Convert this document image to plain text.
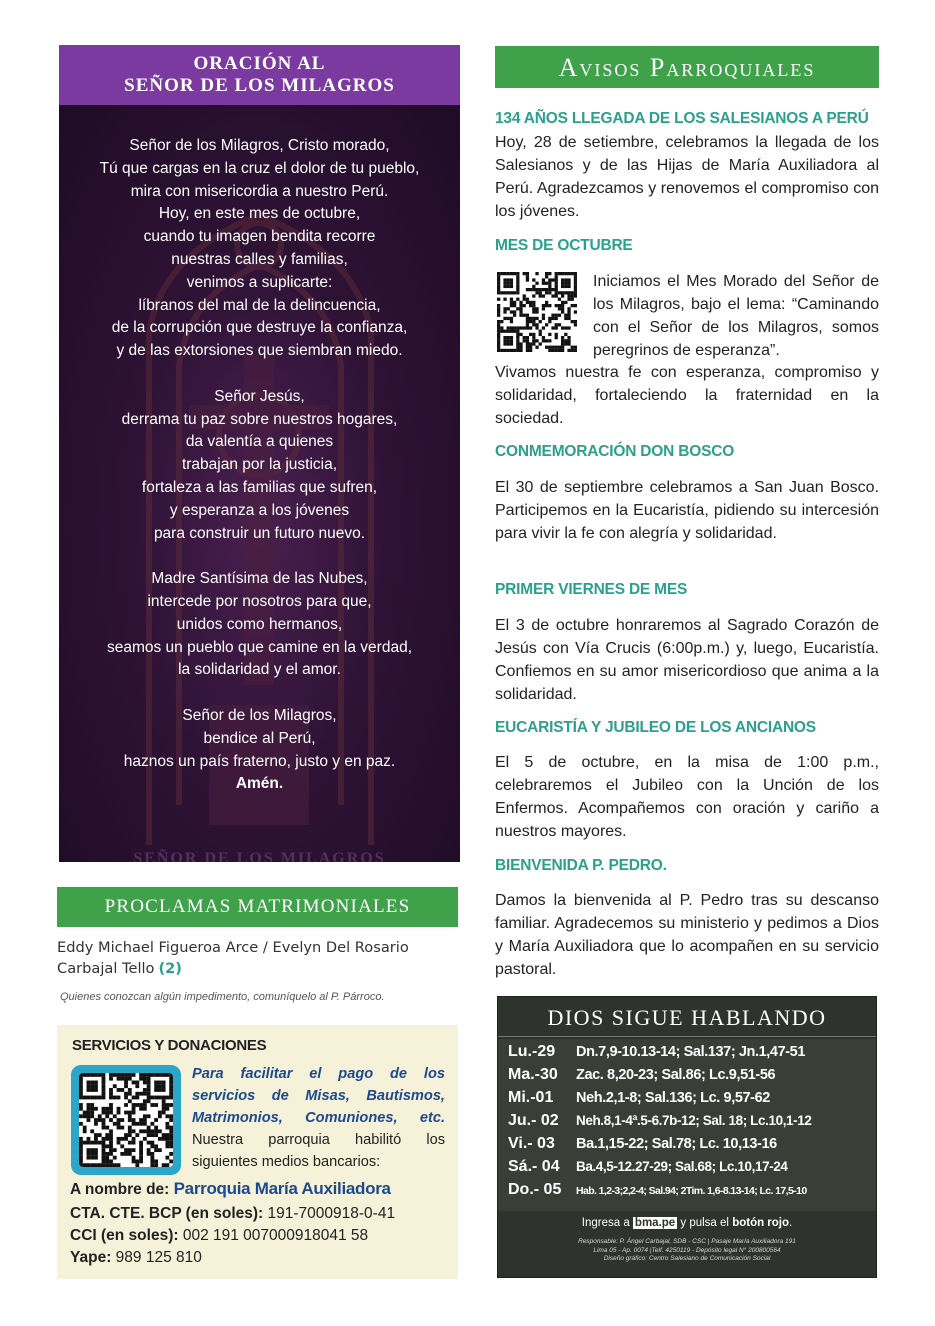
ORACIÓN AL
SEÑOR DE LOS MILAGROS
Señor de los Milagros, Cristo morado,
Tú que cargas en la cruz el dolor de tu pueblo,
mira con misericordia a nuestro Perú.
Hoy, en este mes de octubre,
cuando tu imagen bendita recorre
nuestras calles y familias,
venimos a suplicarte:
líbranos del mal de la delincuencia,
de la corrupción que destruye la confianza,
y de las extorsiones que siembran miedo.
Señor Jesús,
derrama tu paz sobre nuestros hogares,
da valentía a quienes
trabajan por la justicia,
fortaleza a las familias que sufren,
y esperanza a los jóvenes
para construir un futuro nuevo.
Madre Santísima de las Nubes,
intercede por nosotros para que,
unidos como hermanos,
seamos un pueblo que camine en la verdad,
la solidaridad y el amor.
Señor de los Milagros,
bendice al Perú,
haznos un país fraterno, justo y en paz.
Amén.
SEÑOR DE LOS MILAGROS
PROCLAMAS MATRIMONIALES
Eddy Michael Figueroa Arce / Evelyn Del Rosario Carbajal Tello (2)
Quienes conozcan algún impedimento, comuníquelo al P. Párroco.
SERVICIOS Y DONACIONES
Para facilitar el pago de los servicios de Misas, Bautismos, Matrimonios, Comuniones, etc. Nuestra parroquia habilitó los siguientes medios bancarios:
A nombre de: Parroquia María Auxiliadora
CTA. CTE. BCP (en soles): 191-7000918-0-41
CCI (en soles): 002 191 007000918041 58
Yape: 989 125 810
Avisos Parroquiales
134 AÑOS LLEGADA DE LOS SALESIANOS A PERÚ
Hoy, 28 de setiembre, celebramos la llegada de los Salesianos y de las Hijas de María Auxiliadora al Perú. Agradezcamos y renovemos el compromiso con los jóvenes.
MES DE OCTUBRE
Iniciamos el Mes Morado del Señor de los Milagros, bajo el lema: “Caminando con el Señor de los Milagros, somos peregrinos de esperanza”.
Vivamos nuestra fe con esperanza, compromiso y solidaridad, fortaleciendo la fraternidad en la sociedad.
CONMEMORACIÓN DON BOSCO
El 30 de septiembre celebramos a San Juan Bosco. Participemos en la Eucaristía, pidiendo su intercesión para vivir la fe con alegría y solidaridad.
PRIMER VIERNES DE MES
El 3 de octubre honraremos al Sagrado Corazón de Jesús con Vía Crucis (6:00p.m.) y, luego, Eucaristía. Confiemos en su amor misericordioso que anima a la solidaridad.
EUCARISTÍA Y JUBILEO DE LOS ANCIANOS
El 5 de octubre, en la misa de 1:00 p.m., celebraremos el Jubileo con la Unción de los Enfermos. Acompañemos con oración y cariño a nuestros mayores.
BIENVENIDA P. PEDRO.
Damos la bienvenida al P. Pedro tras su descanso familiar. Agradecemos su ministerio y pedimos a Dios y María Auxiliadora que lo acompañen en su servicio pastoral.
DIOS SIGUE HABLANDO
Lu.-29 Dn.7,9-10.13-14; Sal.137; Jn.1,47-51
Ma.-30 Zac. 8,20-23; Sal.86; Lc.9,51-56
Mi.-01 Neh.2,1-8; Sal.136; Lc. 9,57-62
Ju.- 02 Neh.8,1-4ª.5-6.7b-12; Sal. 18; Lc.10,1-12
Vi.- 03 Ba.1,15-22; Sal.78; Lc. 10,13-16
Sá.- 04 Ba.4,5-12.27-29; Sal.68; Lc.10,17-24
Do.- 05 Hab. 1,2-3;2,2-4; Sal.94; 2Tim. 1,6-8.13-14; Lc. 17,5-10
Ingresa a bma.pe y pulsa el botón rojo.
Responsable: P. Ángel Carbajal, SDB - CSC | Pasaje María Auxiliadora 191
Lima 05 - Ap. 0074 |Telf. 4250119 - Depósito legal N° 200800564
Diseño gráfico: Centro Salesiano de Comunicación Social
